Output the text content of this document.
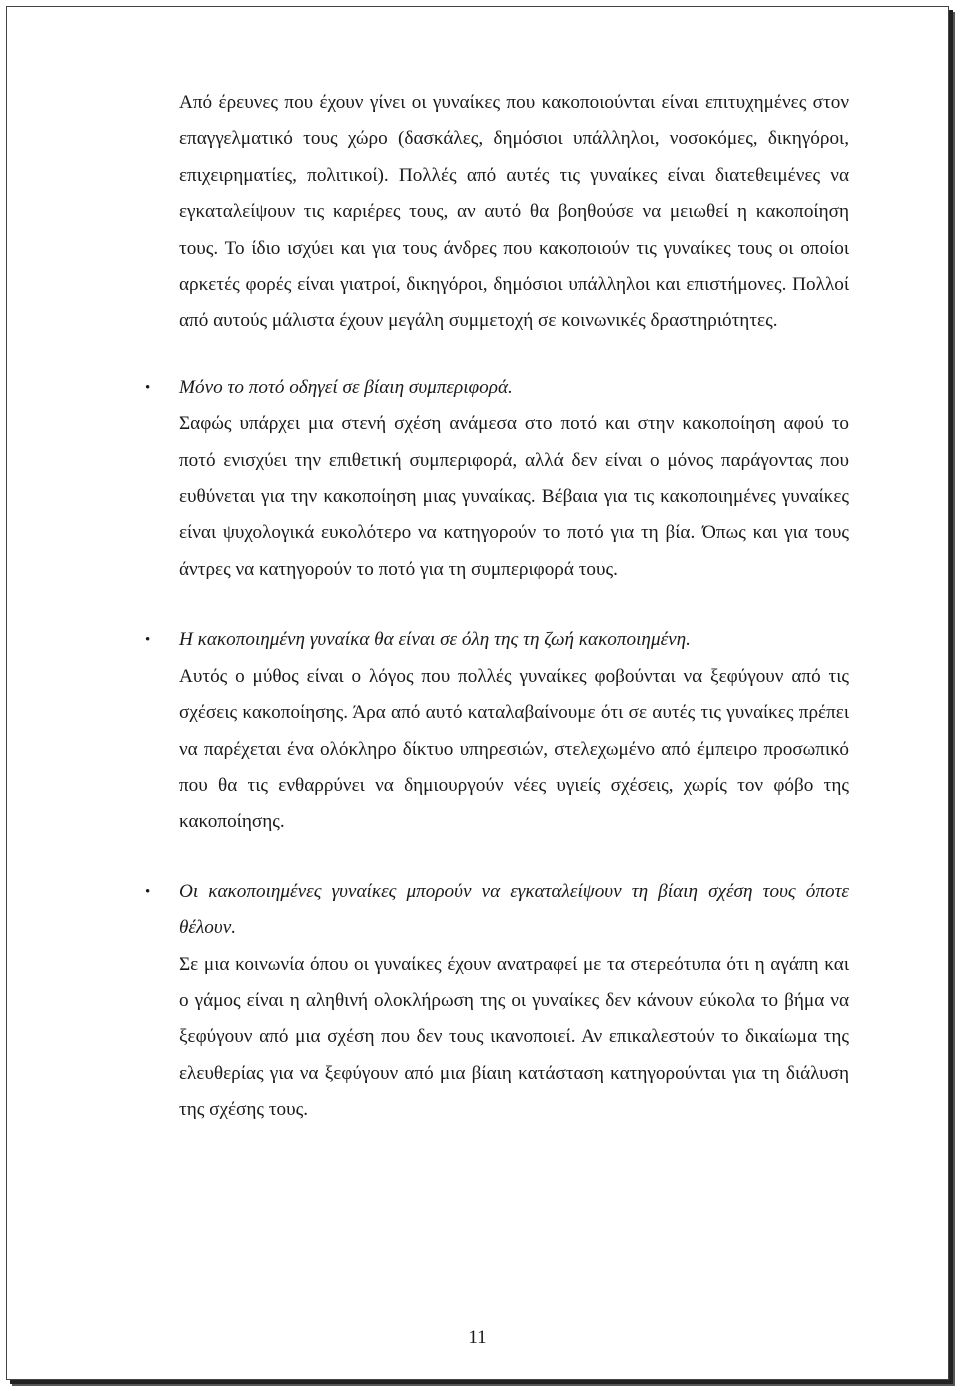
Από έρευνες που έχουν γίνει οι γυναίκες που κακοποιούνται είναι επιτυχημένες στον επαγγελματικό τους χώρο (δασκάλες, δημόσιοι υπάλληλοι, νοσοκόμες, δικηγόροι, επιχειρηματίες, πολιτικοί). Πολλές από αυτές τις γυναίκες είναι διατεθειμένες να εγκαταλείψουν τις καριέρες τους, αν αυτό θα βοηθούσε να μειωθεί η κακοποίηση τους. Το ίδιο ισχύει και για τους άνδρες που κακοποιούν τις γυναίκες τους οι οποίοι αρκετές φορές είναι γιατροί, δικηγόροι, δημόσιοι υπάλληλοι και επιστήμονες. Πολλοί από αυτούς μάλιστα έχουν μεγάλη συμμετοχή σε κοινωνικές δραστηριότητες.

• Μόνο το ποτό οδηγεί σε βίαιη συμπεριφορά.

Σαφώς υπάρχει μια στενή σχέση ανάμεσα στο ποτό και στην κακοποίηση αφού το ποτό ενισχύει την επιθετική συμπεριφορά, αλλά δεν είναι ο μόνος παράγοντας που ευθύνεται για την κακοποίηση μιας γυναίκας. Βέβαια για τις κακοποιημένες γυναίκες είναι ψυχολογικά ευκολότερο να κατηγορούν το ποτό για τη βία. Όπως και για τους άντρες να κατηγορούν το ποτό για τη συμπεριφορά τους.

• Η κακοποιημένη γυναίκα θα είναι σε όλη της τη ζωή κακοποιημένη.

Αυτός ο μύθος είναι ο λόγος που πολλές γυναίκες φοβούνται να ξεφύγουν από τις σχέσεις κακοποίησης. Άρα από αυτό καταλαβαίνουμε ότι σε αυτές τις γυναίκες πρέπει να παρέχεται ένα ολόκληρο δίκτυο υπηρεσιών, στελεχωμένο από έμπειρο προσωπικό που θα τις ενθαρρύνει να δημιουργούν νέες υγιείς σχέσεις, χωρίς τον φόβο της κακοποίησης.

• Οι κακοποιημένες γυναίκες μπορούν να εγκαταλείψουν τη βίαιη σχέση τους όποτε θέλουν.

Σε μια κοινωνία όπου οι γυναίκες έχουν ανατραφεί με τα στερεότυπα ότι η αγάπη και ο γάμος είναι η αληθινή ολοκλήρωση της οι γυναίκες δεν κάνουν εύκολα το βήμα να ξεφύγουν από μια σχέση που δεν τους ικανοποιεί. Αν επικαλεστούν το δικαίωμα της ελευθερίας για να ξεφύγουν από μια βίαιη κατάσταση κατηγορούνται για τη διάλυση της σχέσης τους.

11
